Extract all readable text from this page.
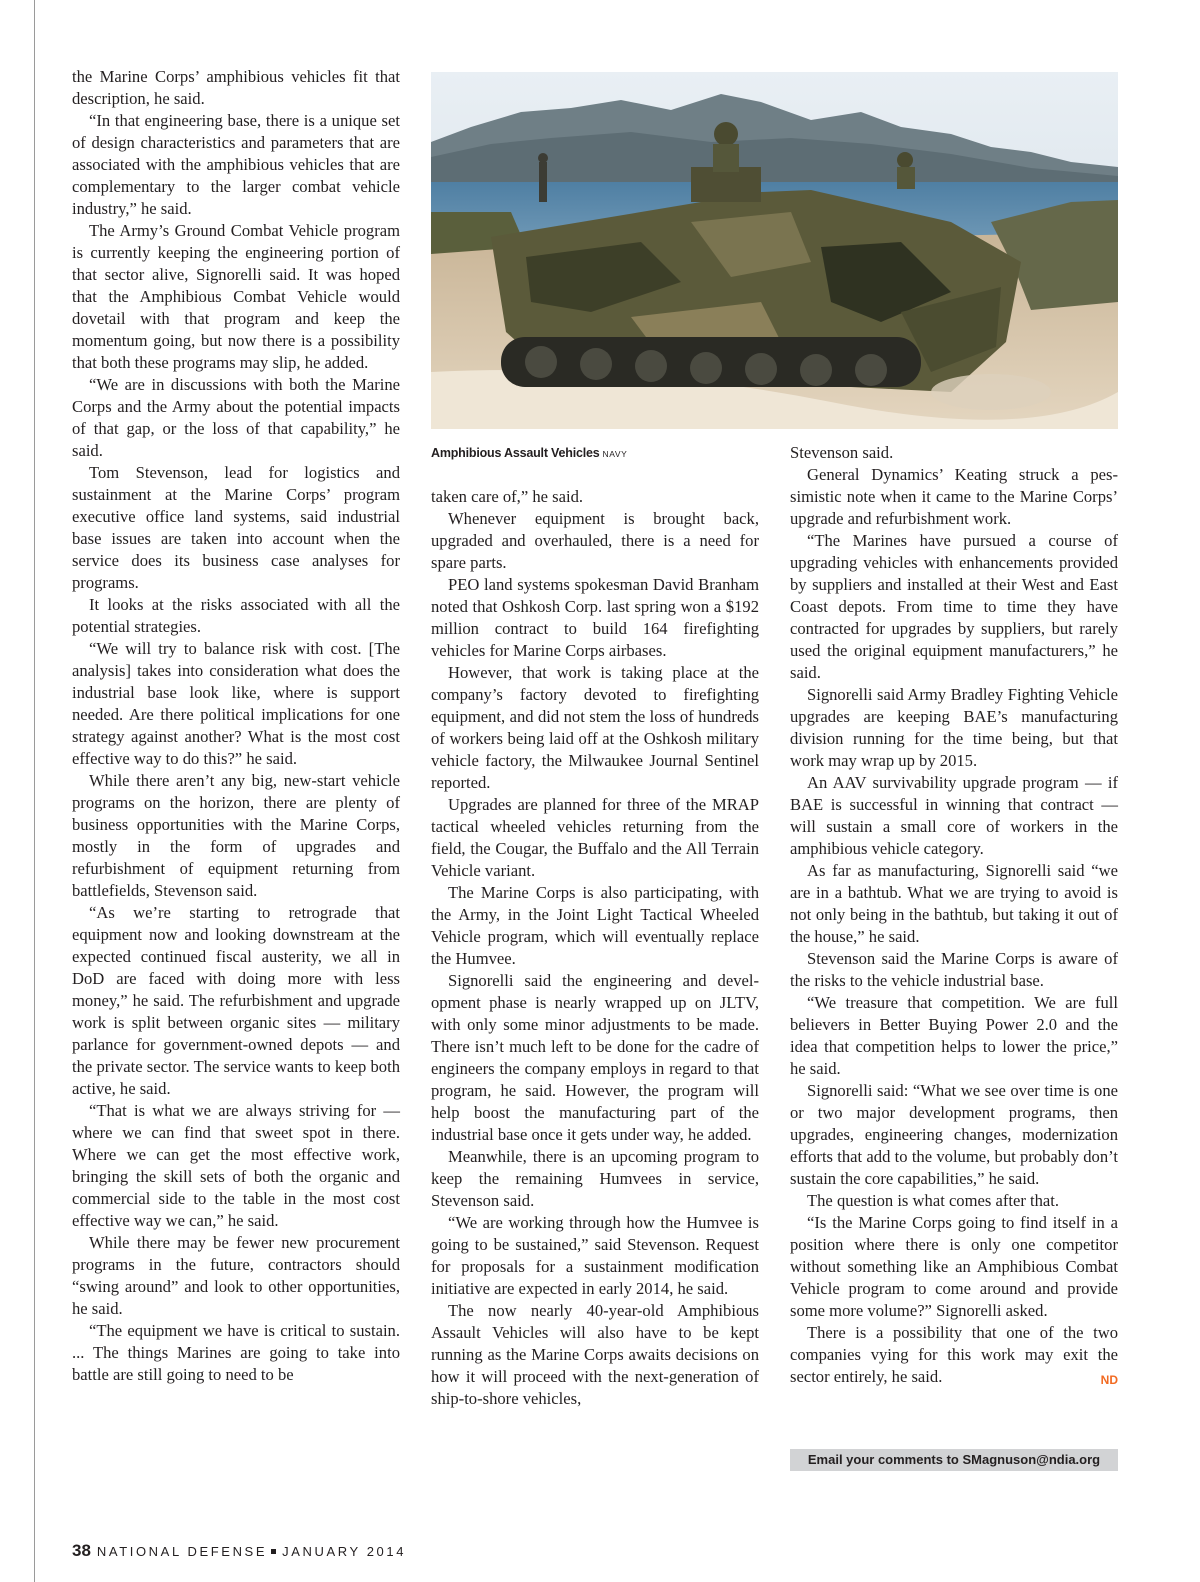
the Marine Corps’ amphibious vehicles fit that description, he said.

“In that engineering base, there is a unique set of design characteristics and parameters that are associated with the amphibious vehicles that are complementary to the larger combat vehicle industry,” he said.

The Army’s Ground Combat Vehicle program is currently keeping the engineering portion of that sector alive, Signorelli said. It was hoped that the Amphibious Combat Vehicle would dovetail with that program and keep the momentum going, but now there is a possibility that both these programs may slip, he added.

“We are in discussions with both the Marine Corps and the Army about the potential impacts of that gap, or the loss of that capability,” he said.

Tom Stevenson, lead for logistics and sustainment at the Marine Corps’ program executive office land systems, said industrial base issues are taken into account when the service does its business case analyses for programs.

It looks at the risks associated with all the potential strategies.

“We will try to balance risk with cost. [The analysis] takes into consideration what does the industrial base look like, where is support needed. Are there political implications for one strategy against another? What is the most cost effective way to do this?” he said.

While there aren’t any big, new-start vehicle programs on the horizon, there are plenty of business opportunities with the Marine Corps, mostly in the form of upgrades and refurbishment of equipment returning from battlefields, Stevenson said.

“As we’re starting to retrograde that equipment now and looking downstream at the expected continued fiscal austerity, we all in DoD are faced with doing more with less money,” he said. The refurbishment and upgrade work is split between organic sites — military parlance for government-owned depots — and the private sector. The service wants to keep both active, he said.

“That is what we are always striving for — where we can find that sweet spot in there. Where we can get the most effective work, bringing the skill sets of both the organic and commercial side to the table in the most cost effective way we can,” he said.

While there may be fewer new procurement programs in the future, contractors should “swing around” and look to other opportunities, he said.

“The equipment we have is critical to sustain. ... The things Marines are going to take into battle are still going to need to be

Amphibious Assault Vehicles NAVY

taken care of,” he said.

Whenever equipment is brought back, upgraded and overhauled, there is a need for spare parts.

PEO land systems spokesman David Branham noted that Oshkosh Corp. last spring won a $192 million contract to build 164 firefighting vehicles for Marine Corps airbases.

However, that work is taking place at the company’s factory devoted to firefighting equipment, and did not stem the loss of hundreds of workers being laid off at the Oshkosh military vehicle factory, the Milwaukee Journal Sentinel reported.

Upgrades are planned for three of the MRAP tactical wheeled vehicles returning from the field, the Cougar, the Buffalo and the All Terrain Vehicle variant.

The Marine Corps is also participating, with the Army, in the Joint Light Tactical Wheeled Vehicle program, which will eventually replace the Humvee.

Signorelli said the engineering and development phase is nearly wrapped up on JLTV, with only some minor adjustments to be made. There isn’t much left to be done for the cadre of engineers the company employs in regard to that program, he said. However, the program will help boost the manufacturing part of the industrial base once it gets under way, he added.

Meanwhile, there is an upcoming program to keep the remaining Humvees in service, Stevenson said.

“We are working through how the Humvee is going to be sustained,” said Stevenson. Request for proposals for a sustainment modification initiative are expected in early 2014, he said.

The now nearly 40-year-old Amphibious Assault Vehicles will also have to be kept running as the Marine Corps awaits decisions on how it will proceed with the next-generation of ship-to-shore vehicles,

Stevenson said.

General Dynamics’ Keating struck a pessimistic note when it came to the Marine Corps’ upgrade and refurbishment work.

“The Marines have pursued a course of upgrading vehicles with enhancements provided by suppliers and installed at their West and East Coast depots. From time to time they have contracted for upgrades by suppliers, but rarely used the original equipment manufacturers,” he said.

Signorelli said Army Bradley Fighting Vehicle upgrades are keeping BAE’s manufacturing division running for the time being, but that work may wrap up by 2015.

An AAV survivability upgrade program — if BAE is successful in winning that contract — will sustain a small core of workers in the amphibious vehicle category.

As far as manufacturing, Signorelli said “we are in a bathtub. What we are trying to avoid is not only being in the bathtub, but taking it out of the house,” he said.

Stevenson said the Marine Corps is aware of the risks to the vehicle industrial base.

“We treasure that competition. We are full believers in Better Buying Power 2.0 and the idea that competition helps to lower the price,” he said.

Signorelli said: “What we see over time is one or two major development programs, then upgrades, engineering changes, modernization efforts that add to the volume, but probably don’t sustain the core capabilities,” he said.

The question is what comes after that.

“Is the Marine Corps going to find itself in a position where there is only one competitor without something like an Amphibious Combat Vehicle program to come around and provide some more volume?” Signorelli asked.

There is a possibility that one of the two companies vying for this work may exit the sector entirely, he said.	ND

Email your comments to SMagnuson@ndia.org
38 NATIONAL DEFENSE JANUARY 2014
